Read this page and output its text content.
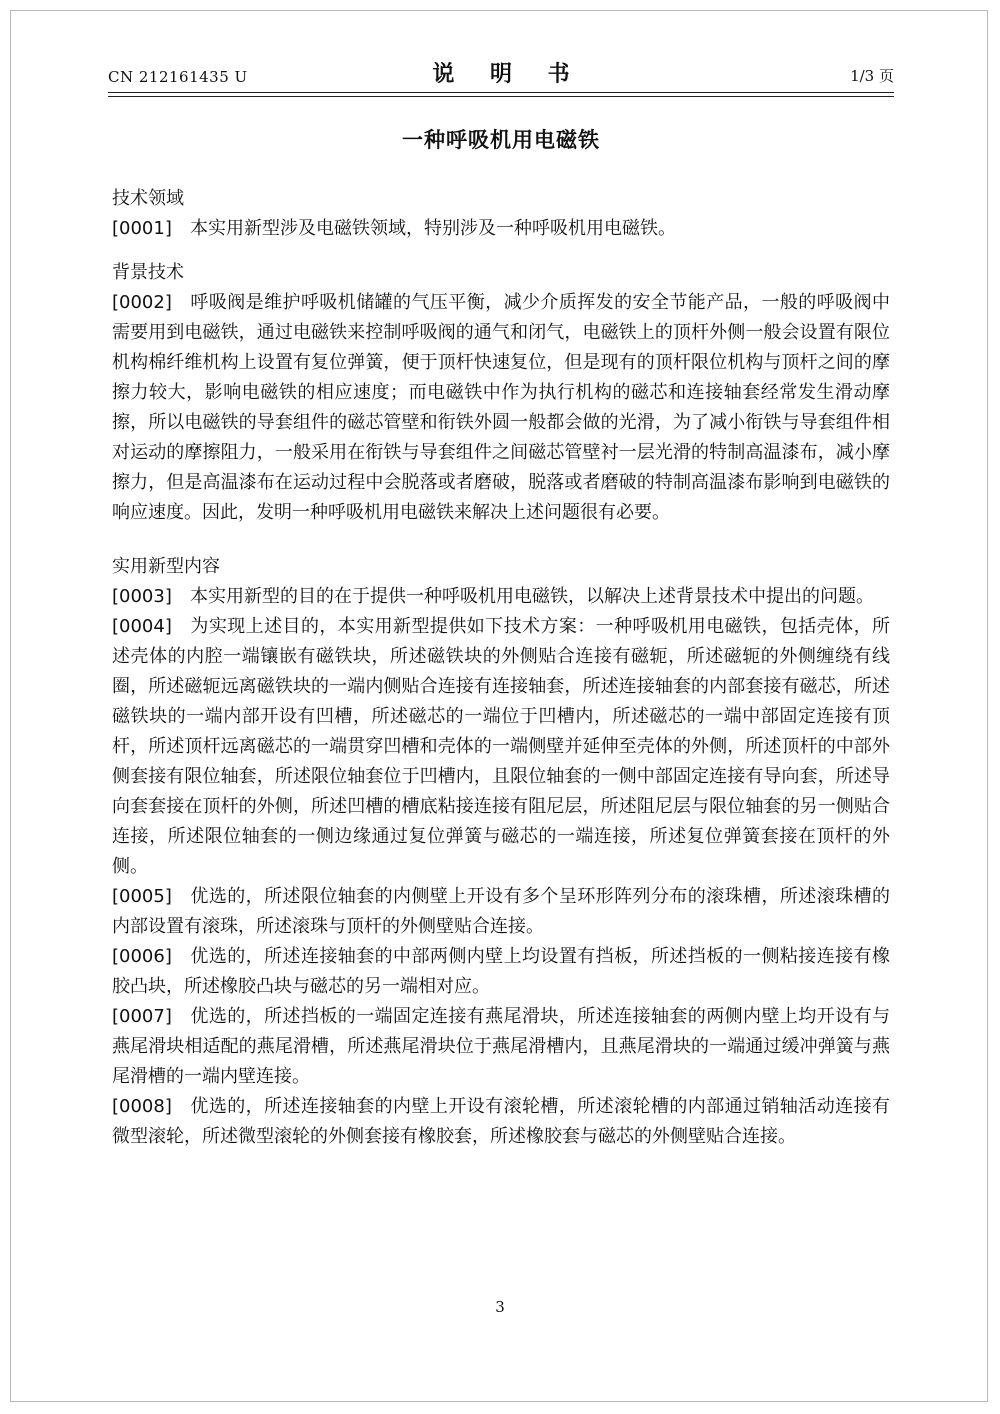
CN 212161435 U	说 明 书	1/3 页
一种呼吸机用电磁铁
技术领域
[0001] 本实用新型涉及电磁铁领域，特别涉及一种呼吸机用电磁铁。
背景技术
[0002] 呼吸阀是维护呼吸机储罐的气压平衡，减少介质挥发的安全节能产品，一般的呼吸阀中需要用到电磁铁，通过电磁铁来控制呼吸阀的通气和闭气，电磁铁上的顶杆外侧一般会设置有限位机构棉纤维机构上设置有复位弹簧，便于顶杆快速复位，但是现有的顶杆限位机构与顶杆之间的摩擦力较大，影响电磁铁的相应速度；而电磁铁中作为执行机构的磁芯和连接轴套经常发生滑动摩擦，所以电磁铁的导套组件的磁芯管壁和衔铁外圆一般都会做的光滑，为了减小衔铁与导套组件相对运动的摩擦阻力，一般采用在衔铁与导套组件之间磁芯管壁衬一层光滑的特制高温漆布，减小摩擦力，但是高温漆布在运动过程中会脱落或者磨破，脱落或者磨破的特制高温漆布影响到电磁铁的响应速度。因此，发明一种呼吸机用电磁铁来解决上述问题很有必要。
实用新型内容
[0003] 本实用新型的目的在于提供一种呼吸机用电磁铁，以解决上述背景技术中提出的问题。
[0004] 为实现上述目的，本实用新型提供如下技术方案：一种呼吸机用电磁铁，包括壳体，所述壳体的内腔一端镶嵌有磁铁块，所述磁铁块的外侧贴合连接有磁轭，所述磁轭的外侧缠绕有线圈，所述磁轭远离磁铁块的一端内侧贴合连接有连接轴套，所述连接轴套的内部套接有磁芯，所述磁铁块的一端内部开设有凹槽，所述磁芯的一端位于凹槽内，所述磁芯的一端中部固定连接有顶杆，所述顶杆远离磁芯的一端贯穿凹槽和壳体的一端侧壁并延伸至壳体的外侧，所述顶杆的中部外侧套接有限位轴套，所述限位轴套位于凹槽内，且限位轴套的一侧中部固定连接有导向套，所述导向套套接在顶杆的外侧，所述凹槽的槽底粘接连接有阻尼层，所述阻尼层与限位轴套的另一侧贴合连接，所述限位轴套的一侧边缘通过复位弹簧与磁芯的一端连接，所述复位弹簧套接在顶杆的外侧。
[0005] 优选的，所述限位轴套的内侧壁上开设有多个呈环形阵列分布的滚珠槽，所述滚珠槽的内部设置有滚珠，所述滚珠与顶杆的外侧壁贴合连接。
[0006] 优选的，所述连接轴套的中部两侧内壁上均设置有挡板，所述挡板的一侧粘接连接有橡胶凸块，所述橡胶凸块与磁芯的另一端相对应。
[0007] 优选的，所述挡板的一端固定连接有燕尾滑块，所述连接轴套的两侧内壁上均开设有与燕尾滑块相适配的燕尾滑槽，所述燕尾滑块位于燕尾滑槽内，且燕尾滑块的一端通过缓冲弹簧与燕尾滑槽的一端内壁连接。
[0008] 优选的，所述连接轴套的内壁上开设有滚轮槽，所述滚轮槽的内部通过销轴活动连接有微型滚轮，所述微型滚轮的外侧套接有橡胶套，所述橡胶套与磁芯的外侧壁贴合连接。
3
